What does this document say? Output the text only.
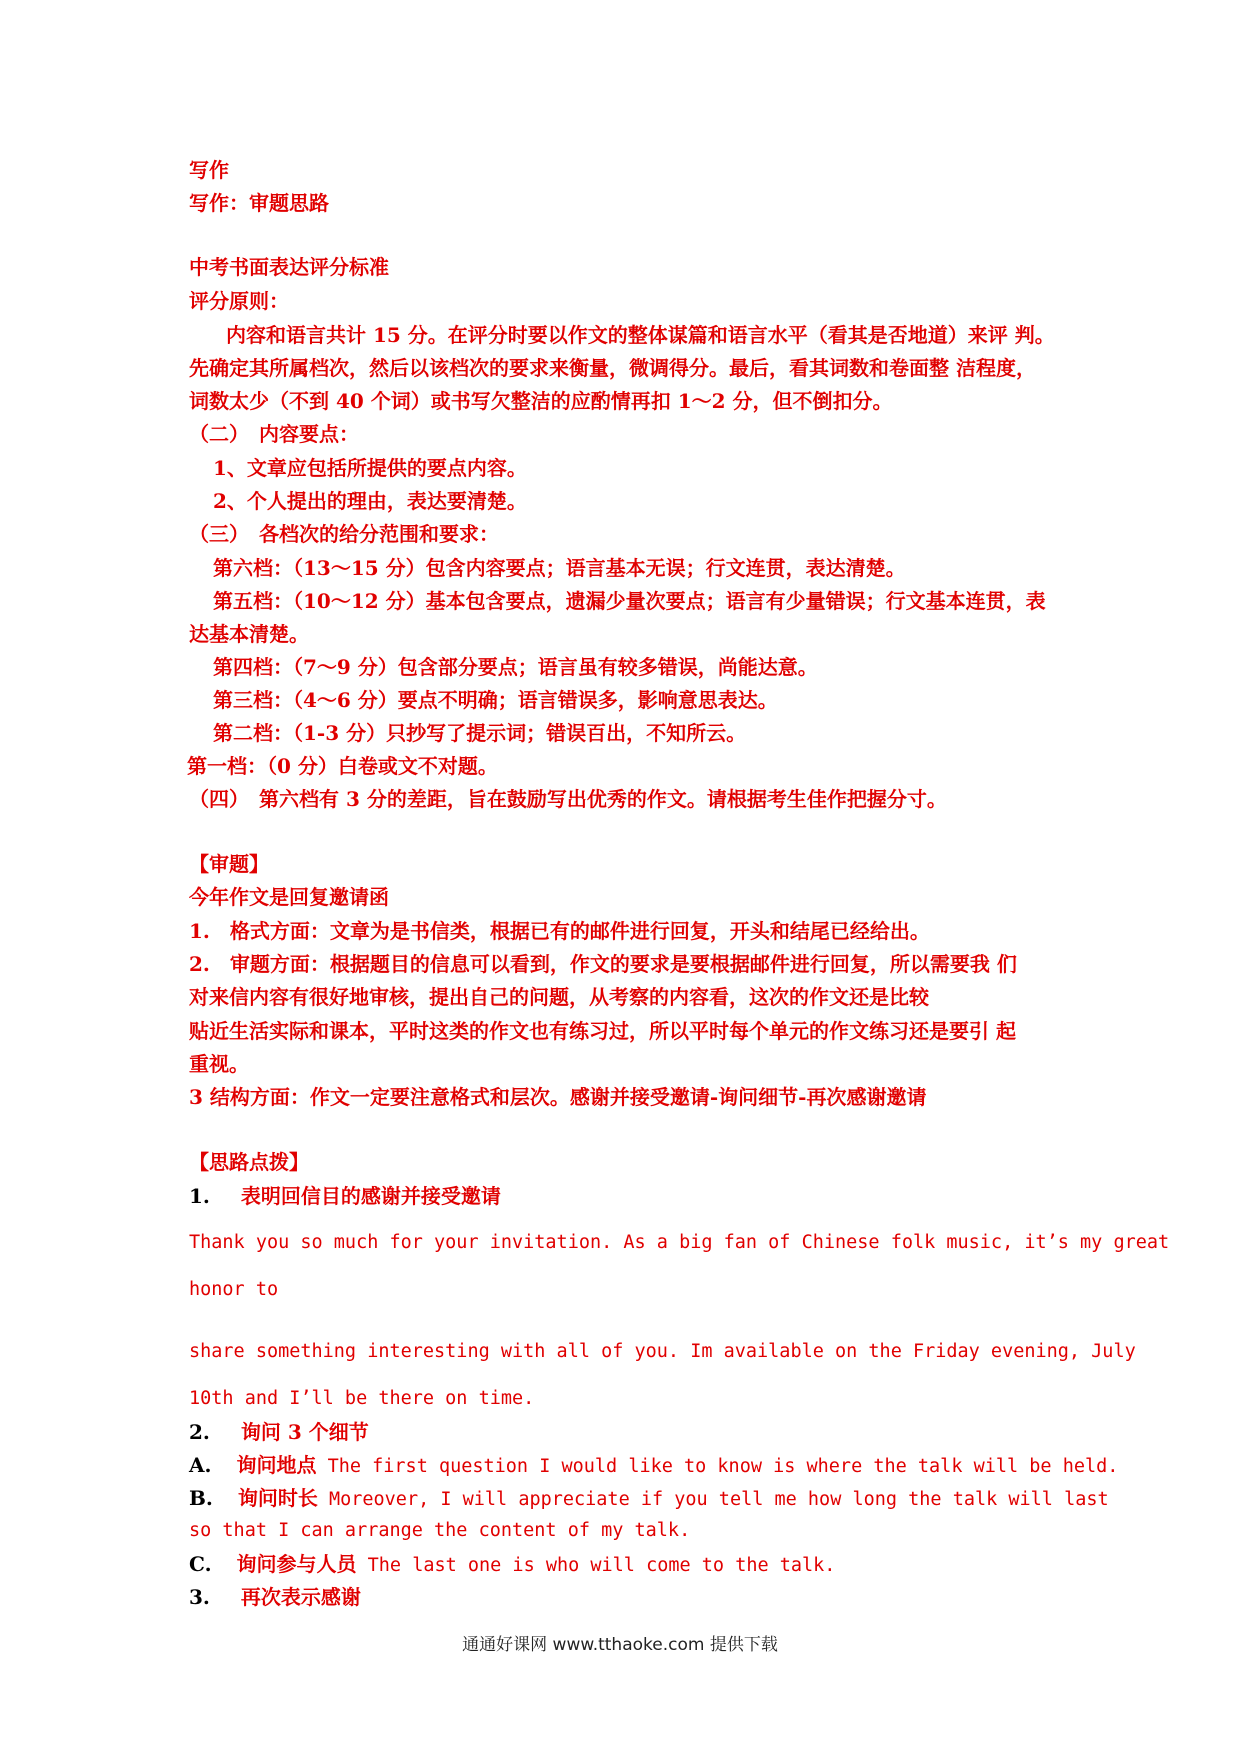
写作
写作：审题思路
中考书面表达评分标准
评分原则：
内容和语言共计 15 分。在评分时要以作文的整体谋篇和语言水平（看其是否地道）来评 判。
先确定其所属档次，然后以该档次的要求来衡量，微调得分。最后，看其词数和卷面整 洁程度，
词数太少（不到 40 个词）或书写欠整洁的应酌情再扣 1～2 分，但不倒扣分。
（二）　内容要点：
1、文章应包括所提供的要点内容。
2、个人提出的理由，表达要清楚。
（三）　各档次的给分范围和要求：
第六档：（13～15 分）包含内容要点；语言基本无误；行文连贯，表达清楚。
第五档：（10～12 分）基本包含要点，遗漏少量次要点；语言有少量错误；行文基本连贯，表
达基本清楚。
第四档：（7～9 分）包含部分要点；语言虽有较多错误，尚能达意。
第三档：（4～6 分）要点不明确；语言错误多，影响意思表达。
第二档：（1-3 分）只抄写了提示词；错误百出，不知所云。
第一档：（0 分）白卷或文不对题。
（四）　第六档有 3 分的差距，旨在鼓励写出优秀的作文。请根据考生佳作把握分寸。
【审题】
今年作文是回复邀请函
1.　格式方面：文章为是书信类，根据已有的邮件进行回复，开头和结尾已经给出。
2.　审题方面：根据题目的信息可以看到，作文的要求是要根据邮件进行回复，所以需要我 们
对来信内容有很好地审核，提出自己的问题，从考察的内容看，这次的作文还是比较
贴近生活实际和课本，平时这类的作文也有练习过，所以平时每个单元的作文练习还是要引 起
重视。
3 结构方面：作文一定要注意格式和层次。感谢并接受邀请-询问细节-再次感谢邀请
【思路点拨】
1. 表明回信目的感谢并接受邀请
Thank you so much for your invitation. As a big fan of Chinese folk music, it’s my great
honor to
share something interesting with all of you. Im available on the Friday evening, July
10th and I’ll be there on time.
2. 询问 3 个细节
A. 询问地点 The first question I would like to know is where the talk will be held.
B. 询问时长 Moreover, I will appreciate if you tell me how long the talk will last
so that I can arrange the content of my talk.
C. 询问参与人员 The last one is who will come to the talk.
3. 再次表示感谢
通通好课网 www.tthaoke.com 提供下载
